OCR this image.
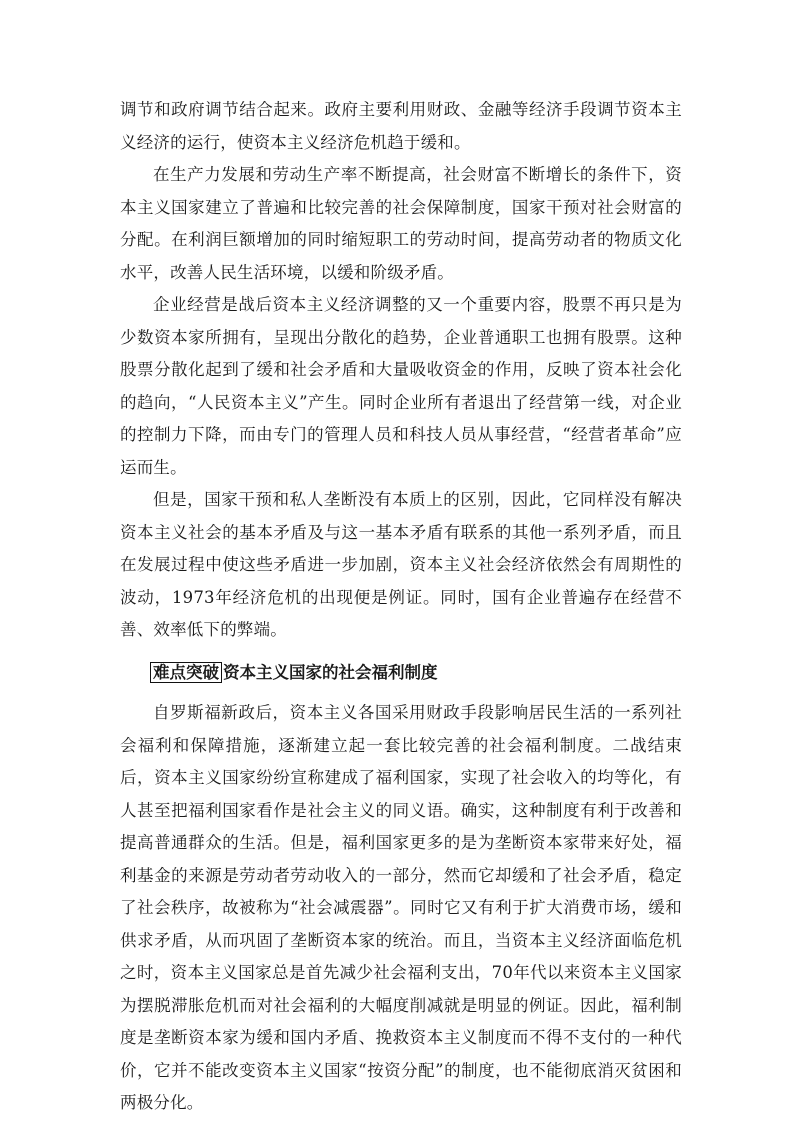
调节和政府调节结合起来。政府主要利用财政、金融等经济手段调节资本主义经济的运行，使资本主义经济危机趋于缓和。

在生产力发展和劳动生产率不断提高，社会财富不断增长的条件下，资本主义国家建立了普遍和比较完善的社会保障制度，国家干预对社会财富的分配。在利润巨额增加的同时缩短职工的劳动时间，提高劳动者的物质文化水平，改善人民生活环境，以缓和阶级矛盾。

企业经营是战后资本主义经济调整的又一个重要内容，股票不再只是为少数资本家所拥有，呈现出分散化的趋势，企业普通职工也拥有股票。这种股票分散化起到了缓和社会矛盾和大量吸收资金的作用，反映了资本社会化的趋向，“人民资本主义”产生。同时企业所有者退出了经营第一线，对企业的控制力下降，而由专门的管理人员和科技人员从事经营，“经营者革命”应运而生。

但是，国家干预和私人垄断没有本质上的区别，因此，它同样没有解决资本主义社会的基本矛盾及与这一基本矛盾有联系的其他一系列矛盾，而且在发展过程中使这些矛盾进一步加剧，资本主义社会经济依然会有周期性的波动，1973年经济危机的出现便是例证。同时，国有企业普遍存在经营不善、效率低下的弊端。

难点突破 资本主义国家的社会福利制度

自罗斯福新政后，资本主义各国采用财政手段影响居民生活的一系列社会福利和保障措施，逐渐建立起一套比较完善的社会福利制度。二战结束后，资本主义国家纷纷宣称建成了福利国家，实现了社会收入的均等化，有人甚至把福利国家看作是社会主义的同义语。确实，这种制度有利于改善和提高普通群众的生活。但是，福利国家更多的是为垄断资本家带来好处，福利基金的来源是劳动者劳动收入的一部分，然而它却缓和了社会矛盾，稳定了社会秩序，故被称为“社会减震器”。同时它又有利于扩大消费市场，缓和供求矛盾，从而巩固了垄断资本家的统治。而且，当资本主义经济面临危机之时，资本主义国家总是首先减少社会福利支出，70年代以来资本主义国家为摆脱滞胀危机而对社会福利的大幅度削减就是明显的例证。因此，福利制度是垄断资本家为缓和国内矛盾、挽救资本主义制度而不得不支付的一种代价，它并不能改变资本主义国家“按资分配”的制度，也不能彻底消灭贫困和两极分化。
